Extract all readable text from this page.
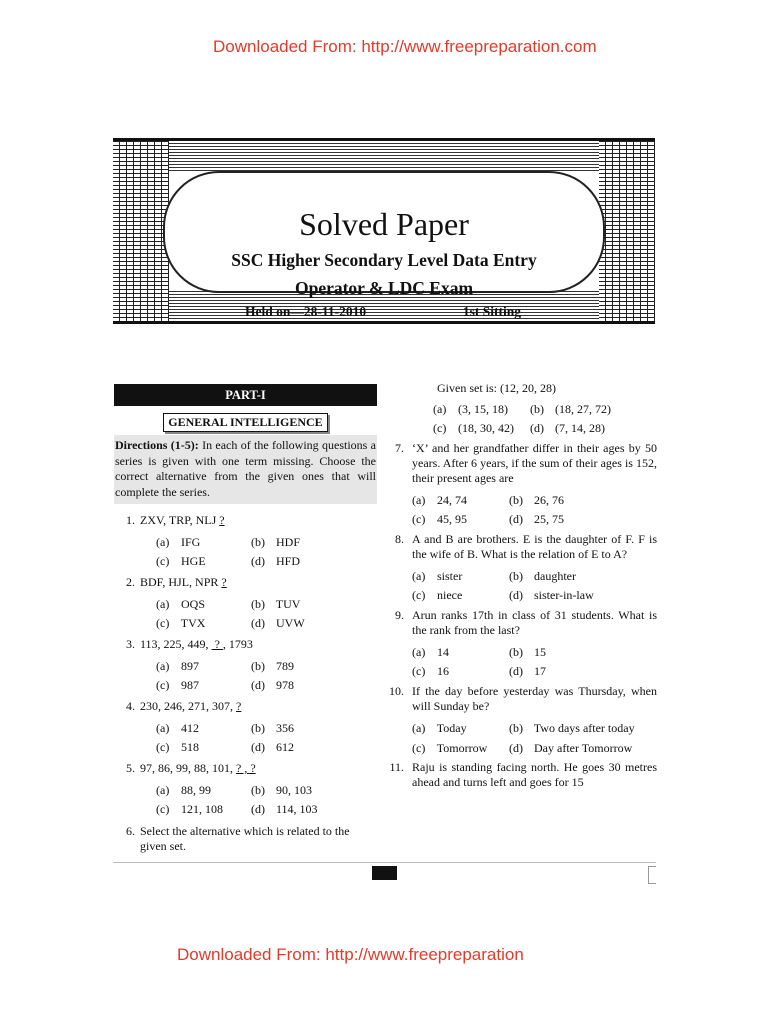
Downloaded From: http://www.freepreparation.com
Solved Paper
SSC Higher Secondary Level Data Entry
Operator & LDC Exam
Held on—28-11-2010	1st Sitting
PART-I
GENERAL INTELLIGENCE
Directions (1-5): In each of the following questions a series is given with one term missing. Choose the correct alternative from the given ones that will complete the series.
1. ZXV, TRP, NLJ ?
(a) IFG	(b) HDF
(c) HGE	(d) HFD
2. BDF, HJL, NPR ?
(a) OQS	(b) TUV
(c) TVX	(d) UVW
3. 113, 225, 449,  ? , 1793
(a) 897	(b) 789
(c) 987	(d) 978
4. 230, 246, 271, 307, ?
(a) 412	(b) 356
(c) 518	(d) 612
5. 97, 86, 99, 88, 101, ? , ?
(a) 88, 99	(b) 90, 103
(c) 121, 108	(d) 114, 103
6. Select the alternative which is related to the given set.
Given set is: (12, 20, 28)
(a) (3, 15, 18)	(b) (18, 27, 72)
(c) (18, 30, 42)	(d) (7, 14, 28)
7. ‘X’ and her grandfather differ in their ages by 50 years. After 6 years, if the sum of their ages is 152, their present ages are
(a) 24, 74	(b) 26, 76
(c) 45, 95	(d) 25, 75
8. A and B are brothers. E is the daughter of F. F is the wife of B. What is the relation of E to A?
(a) sister	(b) daughter
(c) niece	(d) sister-in-law
9. Arun ranks 17th in class of 31 students. What is the rank from the last?
(a) 14	(b) 15
(c) 16	(d) 17
10. If the day before yesterday was Thursday, when will Sunday be?
(a) Today	(b) Two days after today
(c) Tomorrow	(d) Day after Tomorrow
11. Raju is standing facing north. He goes 30 metres ahead and turns left and goes for 15
Downloaded From: http://www.freepreparation
